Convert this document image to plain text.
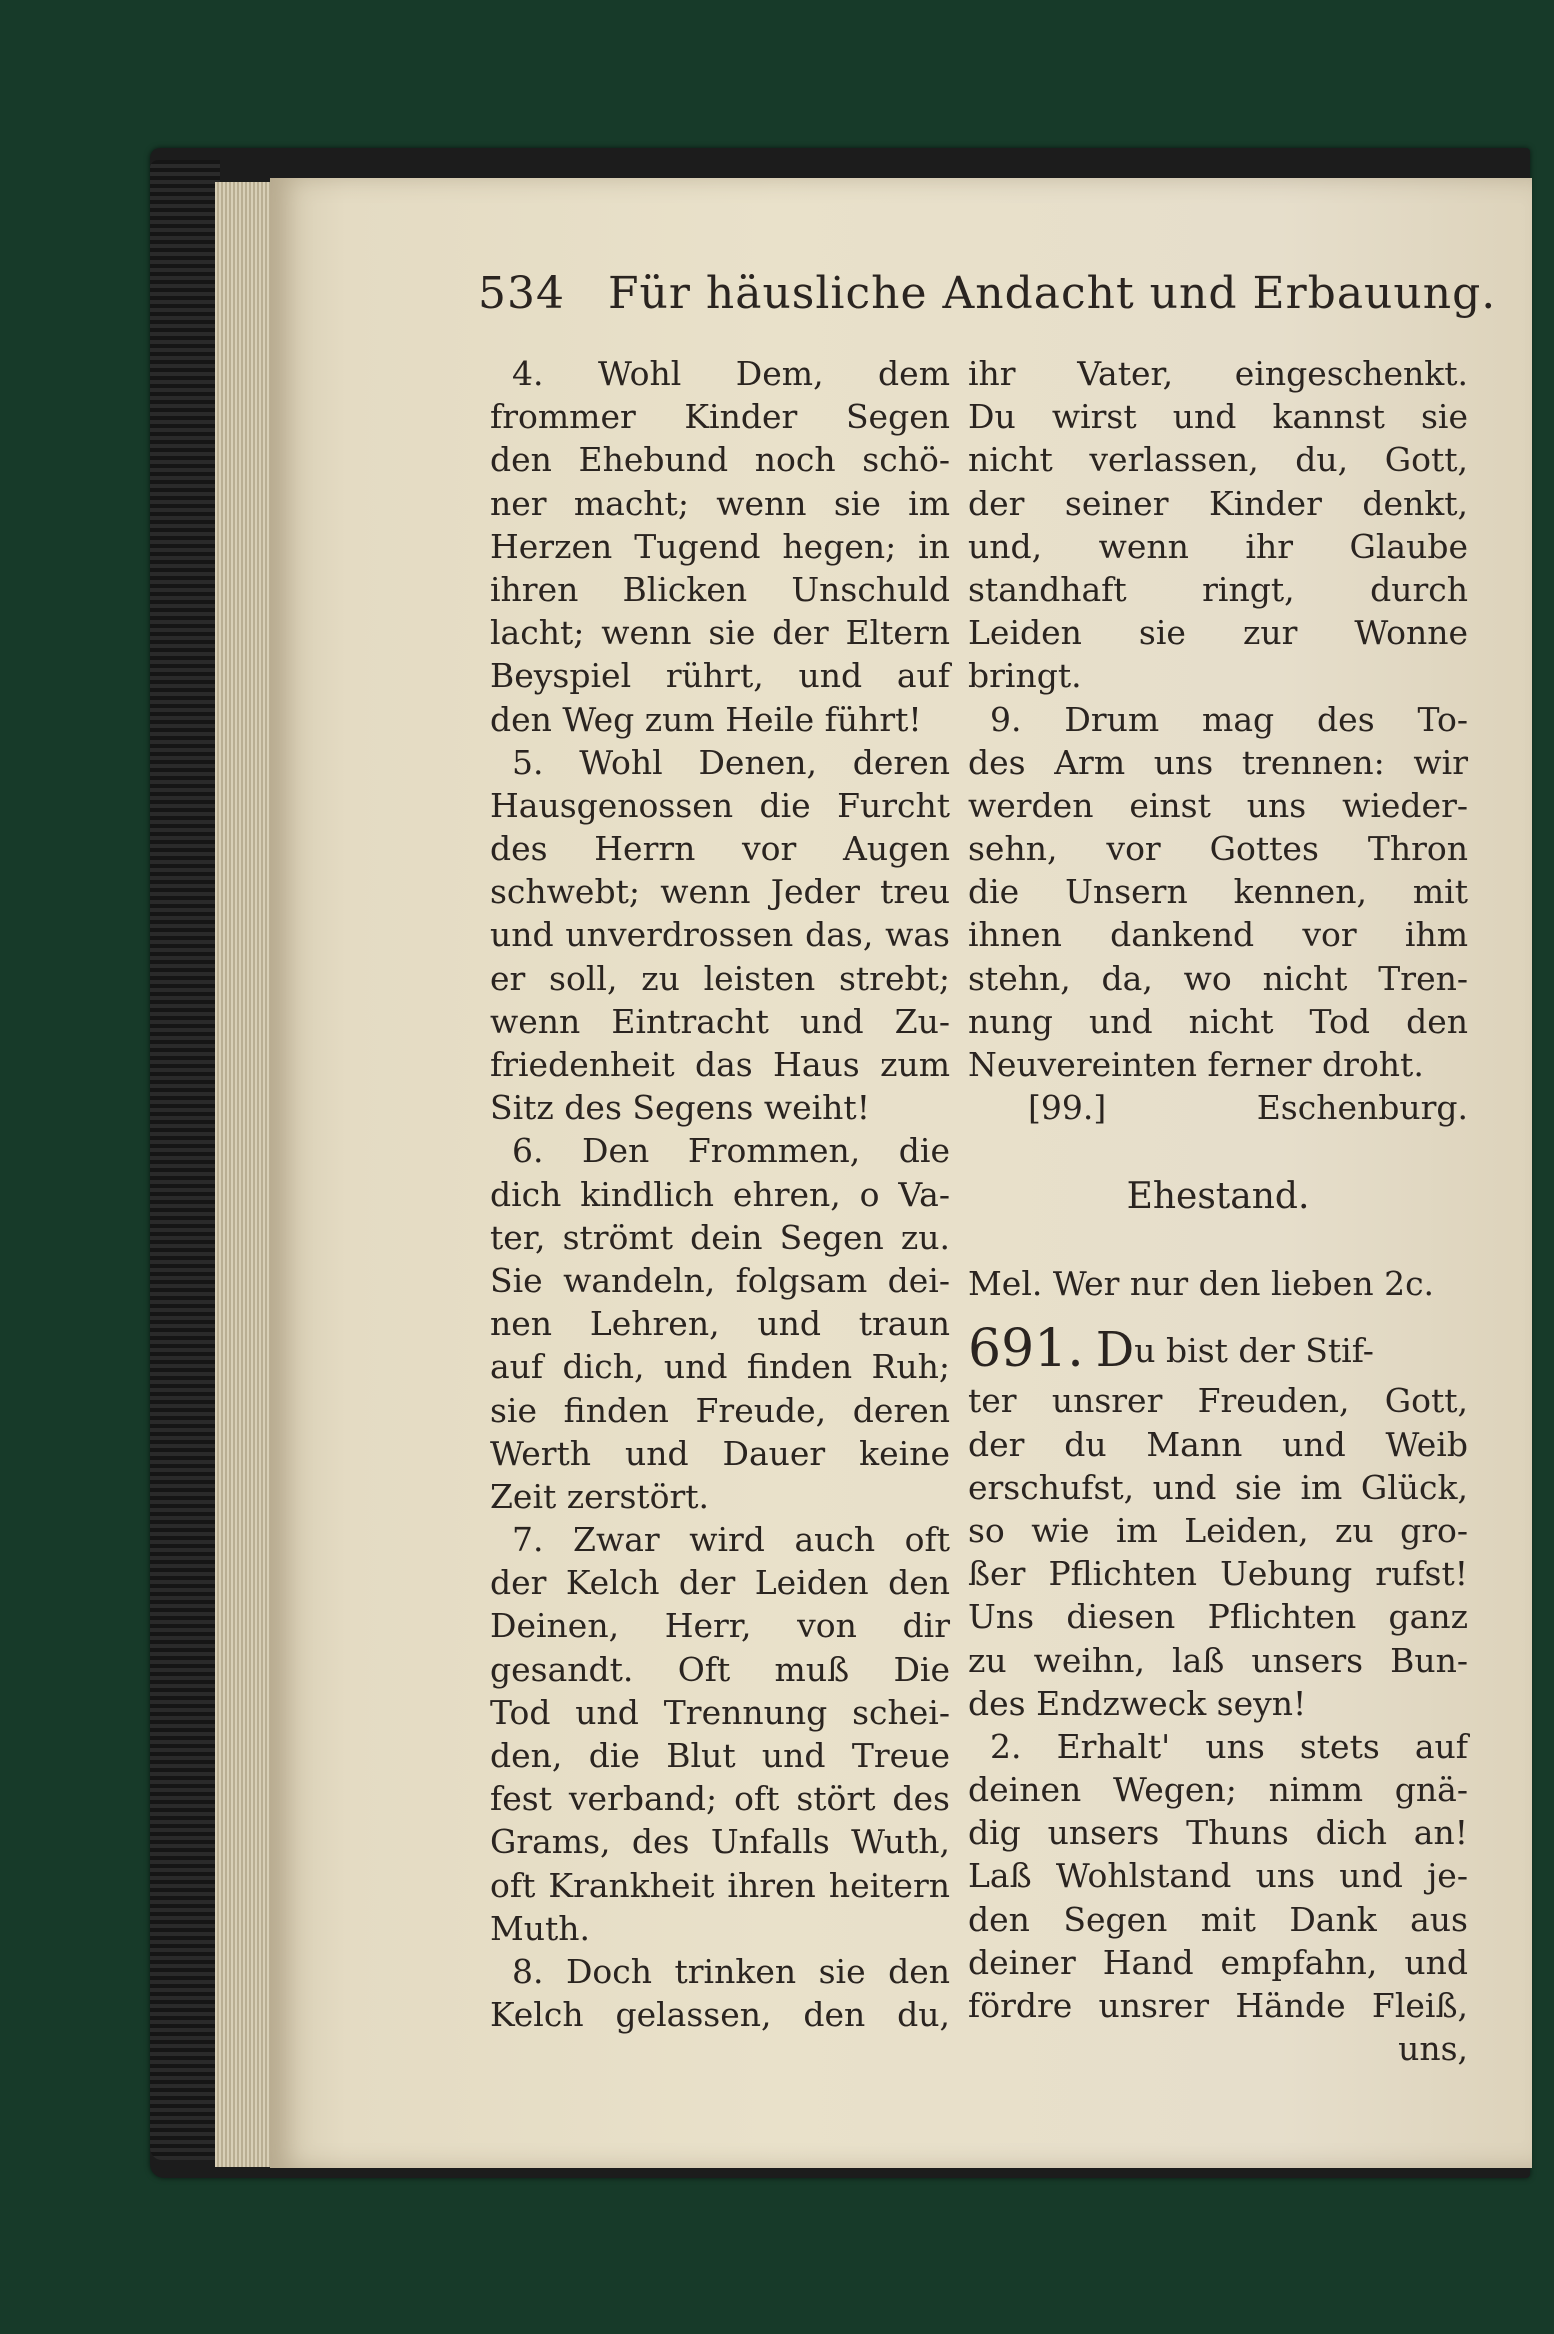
534 Für häusliche Andacht und Erbauung.
4. Wohl Dem, dem
frommer Kinder Segen
den Ehebund noch schö-
ner macht; wenn sie im
Herzen Tugend hegen; in
ihren Blicken Unschuld
lacht; wenn sie der Eltern
Beyspiel rührt, und auf
den Weg zum Heile führt!
5. Wohl Denen, deren
Hausgenossen die Furcht
des Herrn vor Augen
schwebt; wenn Jeder treu
und unverdrossen das, was
er soll, zu leisten strebt;
wenn Eintracht und Zu-
friedenheit das Haus zum
Sitz des Segens weiht!
6. Den Frommen, die
dich kindlich ehren, o Va-
ter, strömt dein Segen zu.
Sie wandeln, folgsam dei-
nen Lehren, und traun
auf dich, und finden Ruh;
sie finden Freude, deren
Werth und Dauer keine
Zeit zerstört.
7. Zwar wird auch oft
der Kelch der Leiden den
Deinen, Herr, von dir
gesandt. Oft muß Die
Tod und Trennung schei-
den, die Blut und Treue
fest verband; oft stört des
Grams, des Unfalls Wuth,
oft Krankheit ihren heitern
Muth.
8. Doch trinken sie den
Kelch gelassen, den du,
ihr Vater, eingeschenkt.
Du wirst und kannst sie
nicht verlassen, du, Gott,
der seiner Kinder denkt,
und, wenn ihr Glaube
standhaft ringt, durch
Leiden sie zur Wonne
bringt.
9. Drum mag des To-
des Arm uns trennen: wir
werden einst uns wieder-
sehn, vor Gottes Thron
die Unsern kennen, mit
ihnen dankend vor ihm
stehn, da, wo nicht Tren-
nung und nicht Tod den
Neuvereinten ferner droht.
[99.]	Eschenburg.
Ehestand.
Mel. Wer nur den lieben 2c.
691. Du bist der Stif-
ter unsrer Freuden, Gott,
der du Mann und Weib
erschufst, und sie im Glück,
so wie im Leiden, zu gro-
ßer Pflichten Uebung rufst!
Uns diesen Pflichten ganz
zu weihn, laß unsers Bun-
des Endzweck seyn!
2. Erhalt' uns stets auf
deinen Wegen; nimm gnä-
dig unsers Thuns dich an!
Laß Wohlstand uns und je-
den Segen mit Dank aus
deiner Hand empfahn, und
fördre unsrer Hände Fleiß,
uns,
